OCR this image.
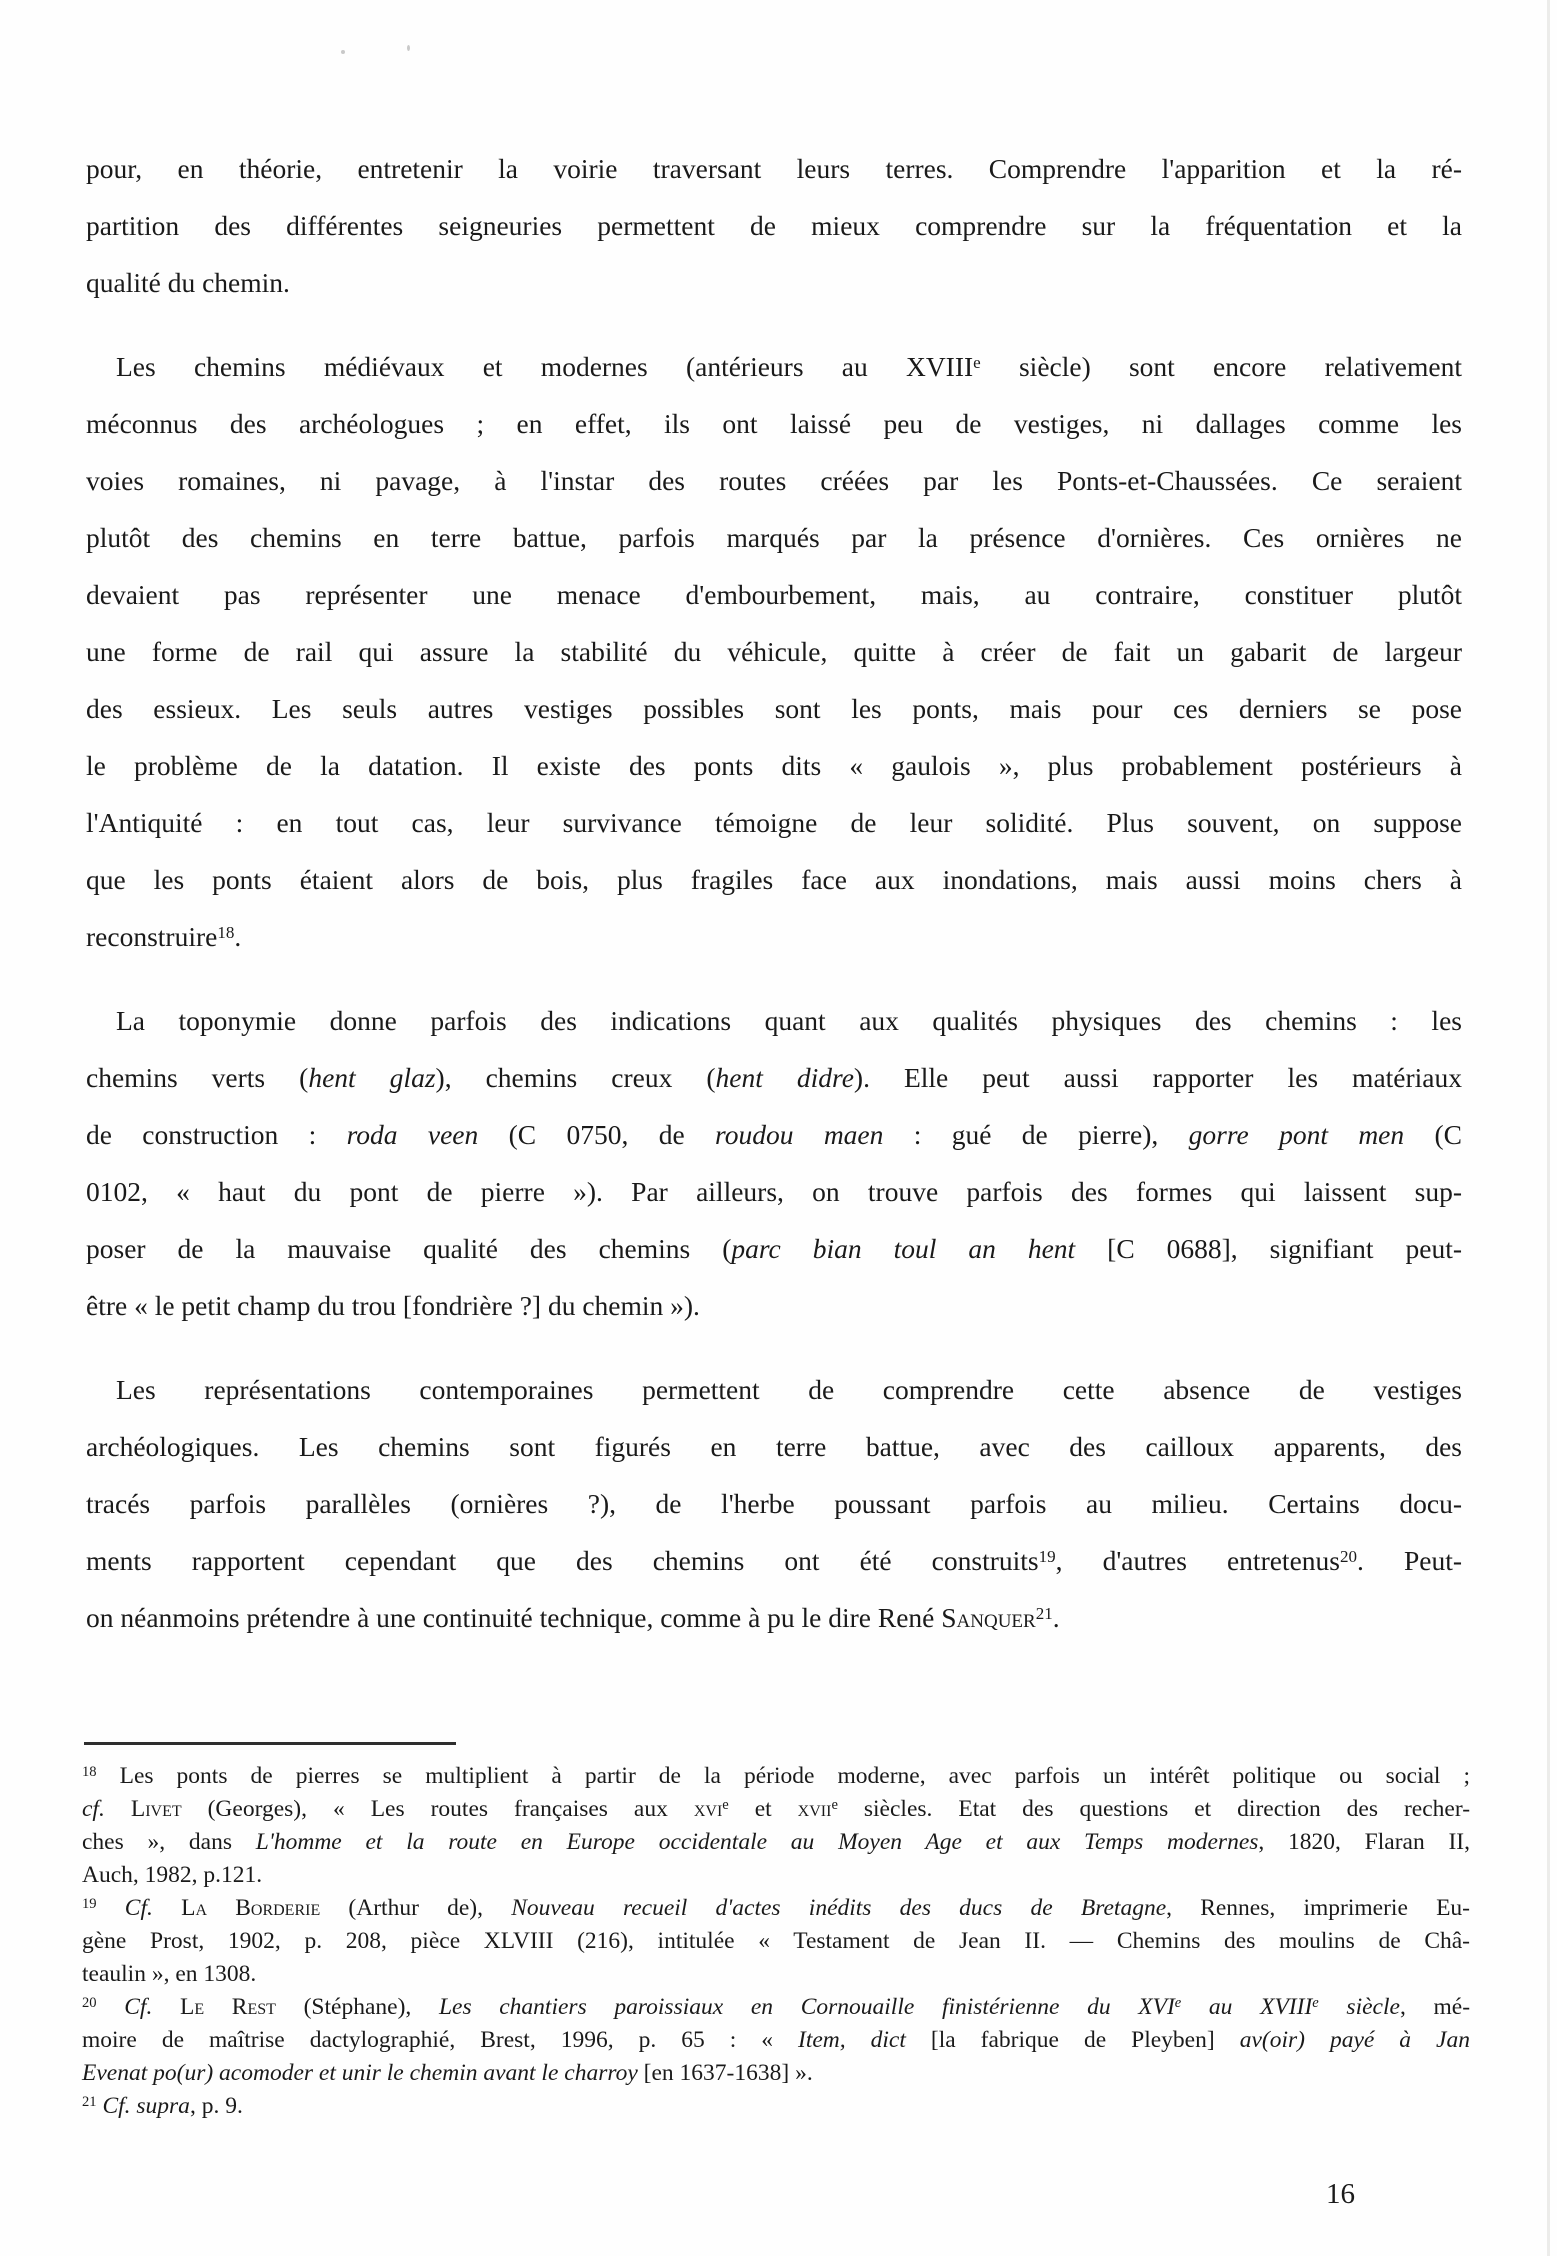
pour, en théorie, entretenir la voirie traversant leurs terres. Comprendre l'apparition et la ré-
partition des différentes seigneuries permettent de mieux comprendre sur la fréquentation et la
qualité du chemin.
Les chemins médiévaux et modernes (antérieurs au XVIIIe siècle) sont encore relativement
méconnus des archéologues ; en effet, ils ont laissé peu de vestiges, ni dallages comme les
voies romaines, ni pavage, à l'instar des routes créées par les Ponts-et-Chaussées. Ce seraient
plutôt des chemins en terre battue, parfois marqués par la présence d'ornières. Ces ornières ne
devaient pas représenter une menace d'embourbement, mais, au contraire, constituer plutôt
une forme de rail qui assure la stabilité du véhicule, quitte à créer de fait un gabarit de largeur
des essieux. Les seuls autres vestiges possibles sont les ponts, mais pour ces derniers se pose
le problème de la datation. Il existe des ponts dits « gaulois », plus probablement postérieurs à
l'Antiquité : en tout cas, leur survivance témoigne de leur solidité. Plus souvent, on suppose
que les ponts étaient alors de bois, plus fragiles face aux inondations, mais aussi moins chers à
reconstruire$^{18}$.
La toponymie donne parfois des indications quant aux qualités physiques des chemins : les
chemins verts (hent glaz), chemins creux (hent didre). Elle peut aussi rapporter les matériaux
de construction : roda veen (C 0750, de roudou maen : gué de pierre), gorre pont men (C
0102, « haut du pont de pierre »). Par ailleurs, on trouve parfois des formes qui laissent sup-
poser de la mauvaise qualité des chemins (parc bian toul an hent [C 0688], signifiant peut-
être « le petit champ du trou [fondrière ?] du chemin »).
Les représentations contemporaines permettent de comprendre cette absence de vestiges
archéologiques. Les chemins sont figurés en terre battue, avec des cailloux apparents, des
tracés parfois parallèles (ornières ?), de l'herbe poussant parfois au milieu. Certains docu-
ments rapportent cependant que des chemins ont été construits$^{19}$, d'autres entretenus$^{20}$. Peut-
on néanmoins prétendre à une continuité technique, comme à pu le dire René Sanquer$^{21}$.
$^{18}$ Les ponts de pierres se multiplient à partir de la période moderne, avec parfois un intérêt politique ou social ;
cf. Livet (Georges), « Les routes françaises aux xvi$^e$ et xvii$^e$ siècles. Etat des questions et direction des recher-
ches », dans L'homme et la route en Europe occidentale au Moyen Age et aux Temps modernes, 1820, Flaran II,
Auch, 1982, p.121.
$^{19}$ Cf. La Borderie (Arthur de), Nouveau recueil d'actes inédits des ducs de Bretagne, Rennes, imprimerie Eu-
gène Prost, 1902, p. 208, pièce XLVIII (216), intitulée « Testament de Jean II. — Chemins des moulins de Châ-
teaulin », en 1308.
$^{20}$ Cf. Le Rest (Stéphane), Les chantiers paroissiaux en Cornouaille finistérienne du XVIe au XVIIIe siècle, mé-
moire de maîtrise dactylographié, Brest, 1996, p. 65 : « Item, dict [la fabrique de Pleyben] av(oir) payé à Jan
Evenat po(ur) acomoder et unir le chemin avant le charroy [en 1637-1638] ».
$^{21}$ Cf. supra, p. 9.
16
